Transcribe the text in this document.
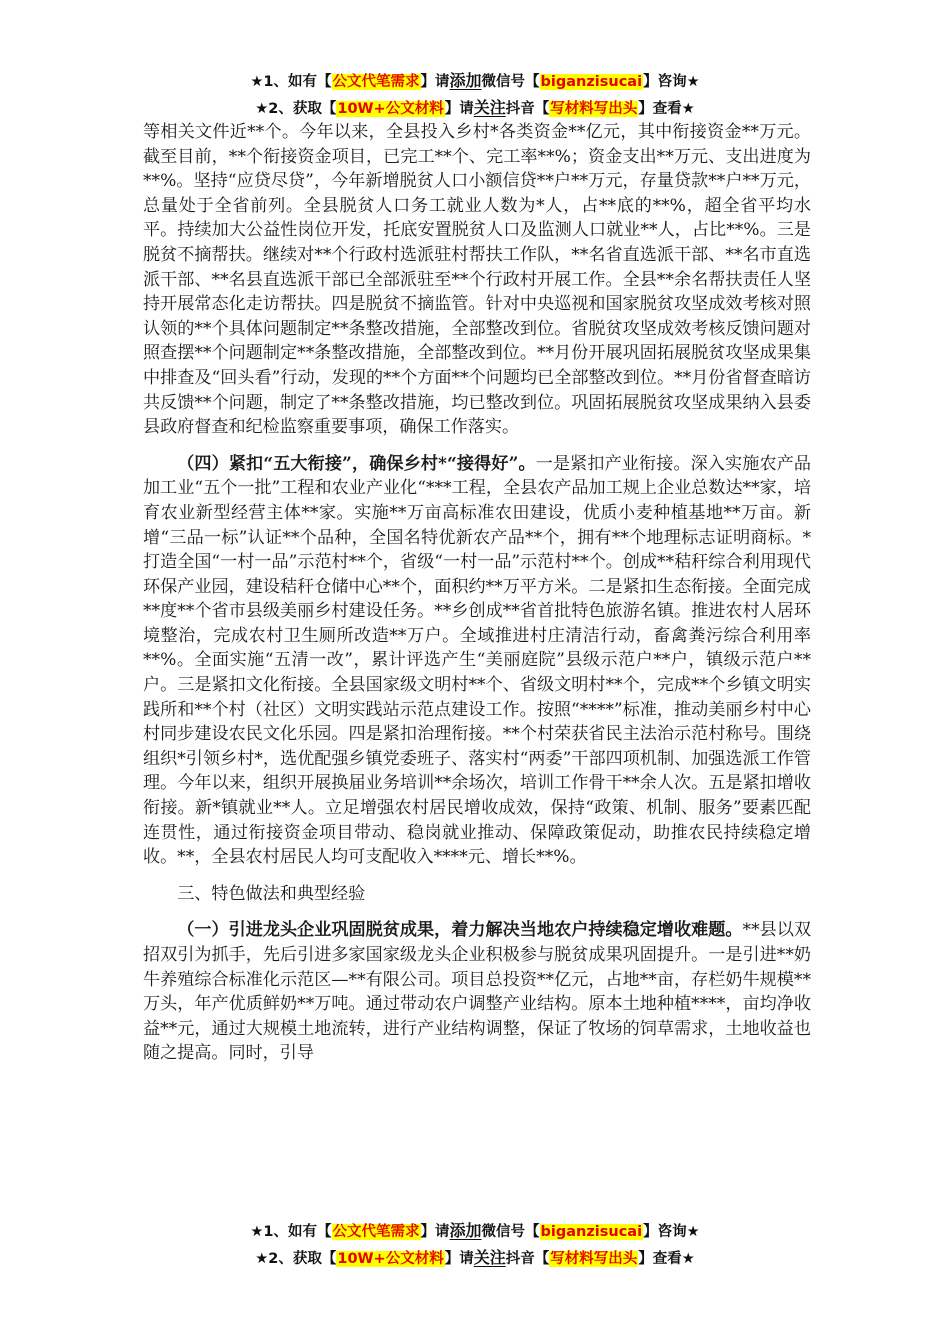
★1、如有【公文代笔需求】请添加微信号【biganzisucai】咨询★
★2、获取【10W+公文材料】请关注抖音【写材料写出头】查看★

等相关文件近**个。今年以来，全县投入乡村*各类资金**亿元，其中衔接资金**万元。截至目前，**个衔接资金项目，已完工**个、完工率**%；资金支出**万元、支出进度为**%。坚持“应贷尽贷”，今年新增脱贫人口小额信贷**户**万元，存量贷款**户**万元，总量处于全省前列。全县脱贫人口务工就业人数为*人，占**底的**%，超全省平均水平。持续加大公益性岗位开发，托底安置脱贫人口及监测人口就业**人，占比**%。三是脱贫不摘帮扶。继续对**个行政村选派驻村帮扶工作队，**名省直选派干部、**名市直选派干部、**名县直选派干部已全部派驻至**个行政村开展工作。全县**余名帮扶责任人坚持开展常态化走访帮扶。四是脱贫不摘监管。针对中央巡视和国家脱贫攻坚成效考核对照认领的**个具体问题制定**条整改措施，全部整改到位。省脱贫攻坚成效考核反馈问题对照查摆**个问题制定**条整改措施，全部整改到位。**月份开展巩固拓展脱贫攻坚成果集中排查及“回头看”行动，发现的**个方面**个问题均已全部整改到位。**月份省督查暗访共反馈**个问题，制定了**条整改措施，均已整改到位。巩固拓展脱贫攻坚成果纳入县委县政府督查和纪检监察重要事项，确保工作落实。

（四）紧扣“五大衔接”，确保乡村*“接得好”。一是紧扣产业衔接。深入实施农产品加工业“五个一批”工程和农业产业化“***工程，全县农产品加工规上企业总数达**家，培育农业新型经营主体**家。实施**万亩高标准农田建设，优质小麦种植基地**万亩。新增“三品一标”认证**个品种，全国名特优新农产品**个，拥有**个地理标志证明商标。*打造全国“一村一品”示范村**个，省级“一村一品”示范村**个。创成**秸秆综合利用现代环保产业园，建设秸秆仓储中心**个，面积约**万平方米。二是紧扣生态衔接。全面完成**度**个省市县级美丽乡村建设任务。**乡创成**省首批特色旅游名镇。推进农村人居环境整治，完成农村卫生厕所改造**万户。全域推进村庄清洁行动，畜禽粪污综合利用率**%。全面实施“五清一改”，累计评选产生“美丽庭院”县级示范户**户，镇级示范户**户。三是紧扣文化衔接。全县国家级文明村**个、省级文明村**个，完成**个乡镇文明实践所和**个村（社区）文明实践站示范点建设工作。按照“****”标准，推动美丽乡村中心村同步建设农民文化乐园。四是紧扣治理衔接。**个村荣获省民主法治示范村称号。围绕组织*引领乡村*，选优配强乡镇党委班子、落实村“两委”干部四项机制、加强选派工作管理。今年以来，组织开展换届业务培训**余场次，培训工作骨干**余人次。五是紧扣增收衔接。新*镇就业**人。立足增强农村居民增收成效，保持“政策、机制、服务”要素匹配连贯性，通过衔接资金项目带动、稳岗就业推动、保障政策促动，助推农民持续稳定增收。**，全县农村居民人均可支配收入****元、增长**%。

三、特色做法和典型经验

（一）引进龙头企业巩固脱贫成果，着力解决当地农户持续稳定增收难题。**县以双招双引为抓手，先后引进多家国家级龙头企业积极参与脱贫成果巩固提升。一是引进**奶牛养殖综合标准化示范区—**有限公司。项目总投资**亿元，占地**亩，存栏奶牛规模**万头，年产优质鲜奶**万吨。通过带动农户调整产业结构。原本土地种植****，亩均净收益**元，通过大规模土地流转，进行产业结构调整，保证了牧场的饲草需求，土地收益也随之提高。同时，引导

★1、如有【公文代笔需求】请添加微信号【biganzisucai】咨询★
★2、获取【10W+公文材料】请关注抖音【写材料写出头】查看★
